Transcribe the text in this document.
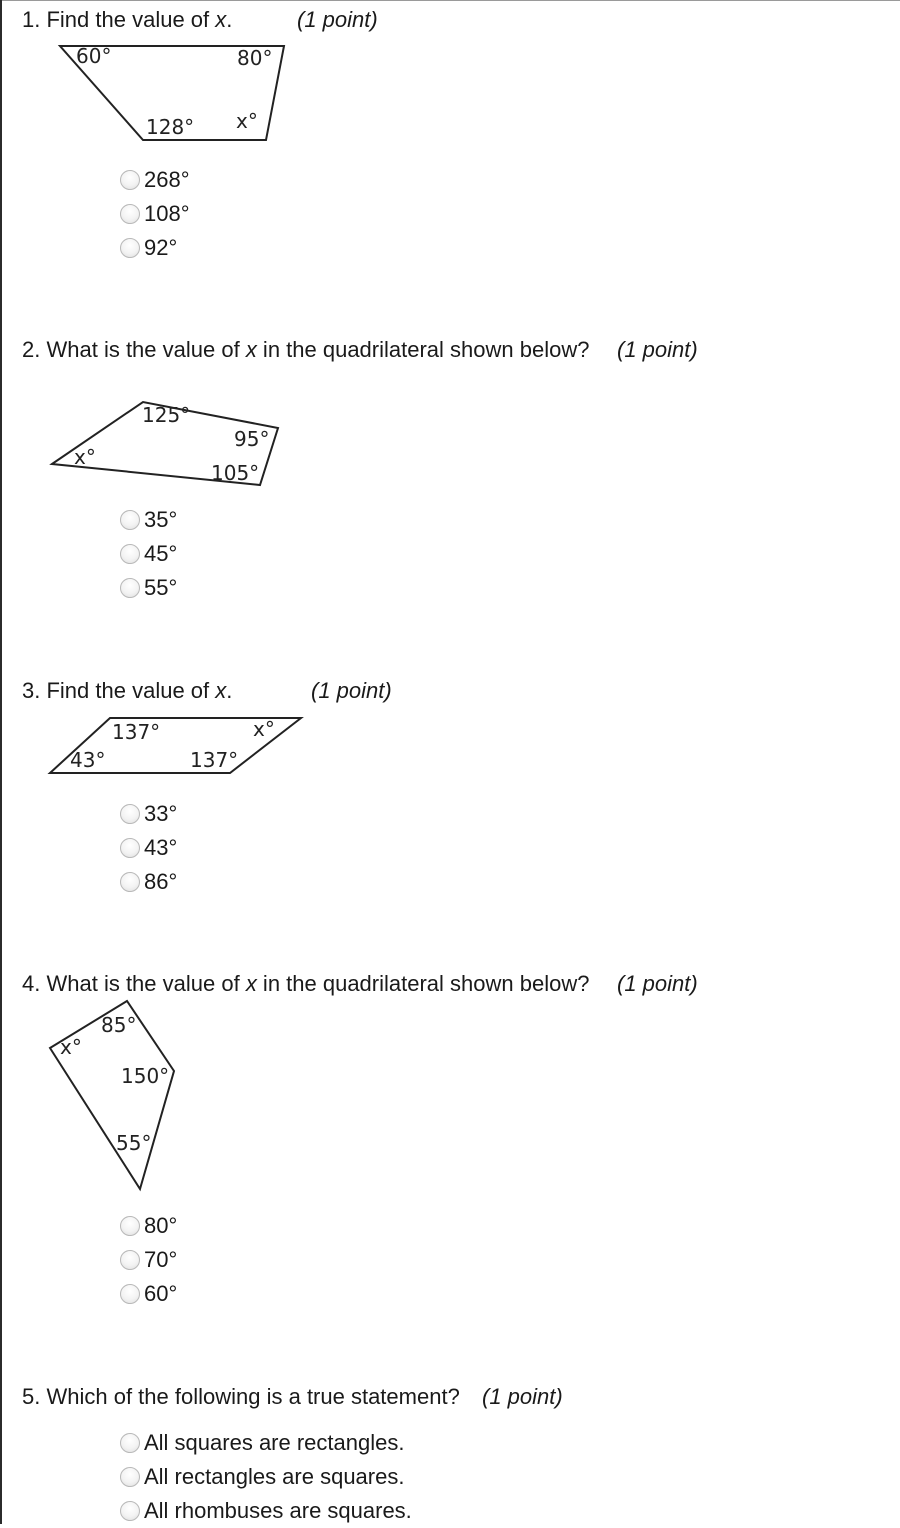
1. Find the value of x.	(1 point)
60°	80°
128° x°
268°
108°
92°
2. What is the value of x in the quadrilateral shown below? (1 point)
125°
95°
105°
x°
35°
45°
55°
3. Find the value of x.	(1 point)
137°	x°
43°	137°
33°
43°
86°
4. What is the value of x in the quadrilateral shown below? (1 point)
85°
x°
150°
55°
80°
70°
60°
5. Which of the following is a true statement? (1 point)
All squares are rectangles.
All rectangles are squares.
All rhombuses are squares.
